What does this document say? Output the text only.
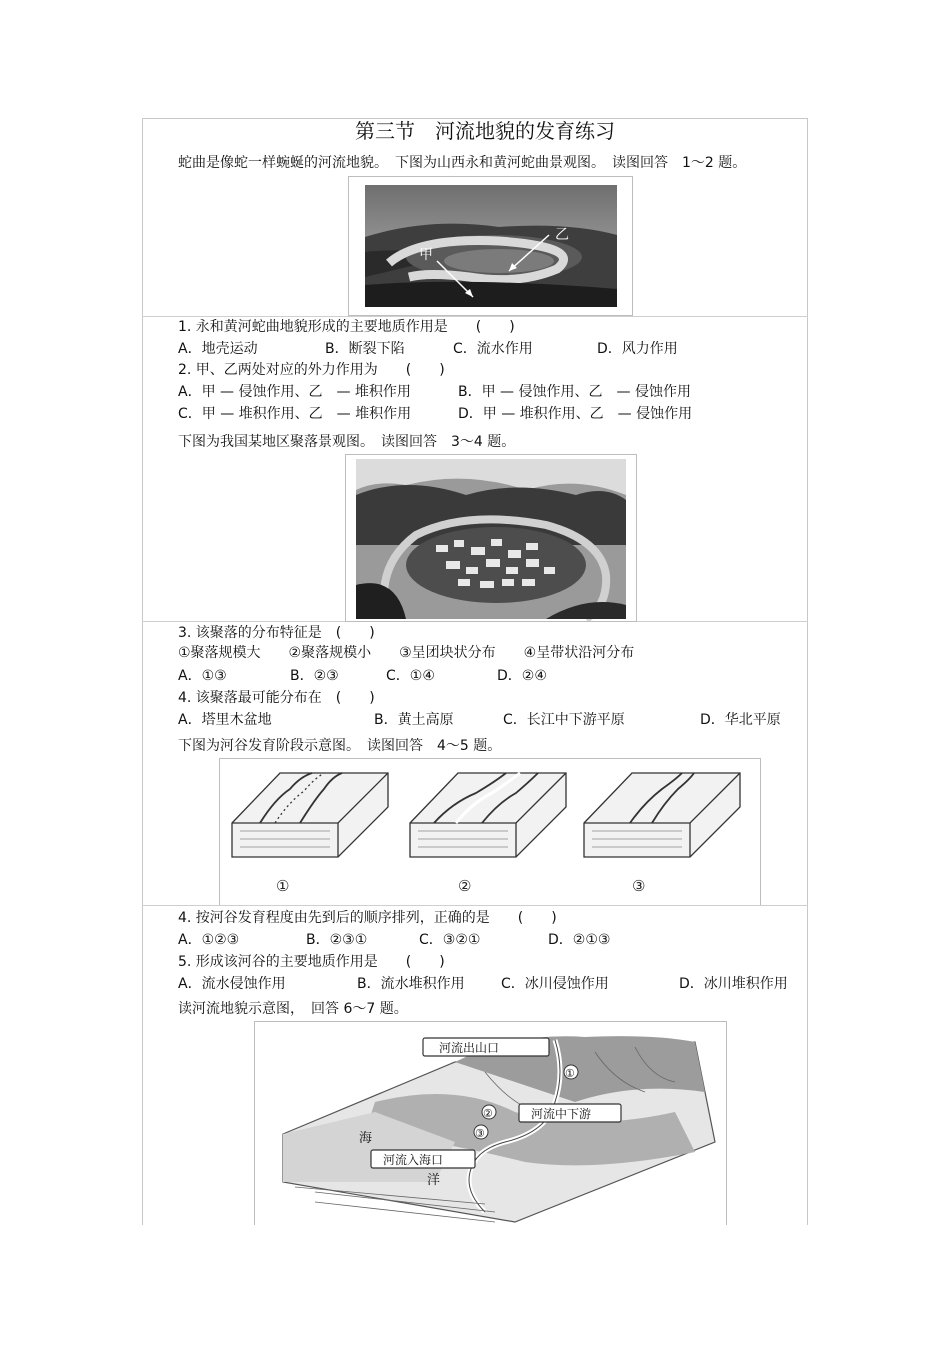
第三节　河流地貌的发育练习
蛇曲是像蛇一样蜿蜒的河流地貌。　下图为山西永和黄河蛇曲景观图。　读图回答　1～2 题。
甲
乙
1. 永和黄河蛇曲地貌形成的主要地质作用是　　(　　)
A．地壳运动	B．断裂下陷	C．流水作用	D．风力作用
2. 甲、乙两处对应的外力作用为　　(　　)
A．甲 — 侵蚀作用、乙　— 堆积作用	B．甲 — 侵蚀作用、乙　— 侵蚀作用
C．甲 — 堆积作用、乙　— 堆积作用	D．甲 — 堆积作用、乙　— 侵蚀作用
下图为我国某地区聚落景观图。　读图回答　3～4 题。
3. 该聚落的分布特征是　(　　)
①聚落规模大　　②聚落规模小　　③呈团块状分布　　④呈带状沿河分布
A．①③	B．②③	C．①④	D．②④
4. 该聚落最可能分布在　(　　)
A．塔里木盆地	B．黄土高原	C．长江中下游平原	D．华北平原
下图为河谷发育阶段示意图。　读图回答　4～5 题。
①	②	③
4. 按河谷发育程度由先到后的顺序排列，正确的是　　(　　)
A．①②③	B．②③①	C．③②①	D．②①③
5. 形成该河谷的主要地质作用是　　(　　)
A．流水侵蚀作用	B．流水堆积作用	C．冰川侵蚀作用	D．冰川堆积作用
读河流地貌示意图，　回答 6～7 题。
河流出山口
河流中下游
河流入海口
海
洋
①
②
③
